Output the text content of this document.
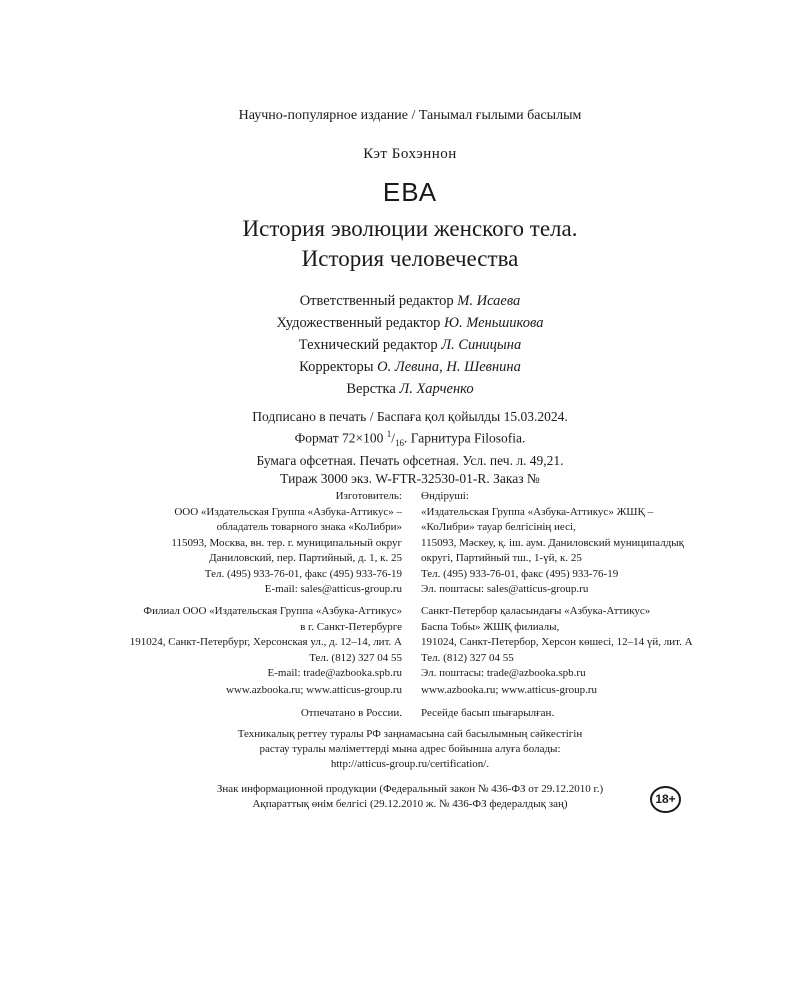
Научно-популярное издание / Танымал ғылыми басылым
Кэт Бохэннон
ЕВА
История эволюции женского тела.
История человечества
Ответственный редактор М. Исаева
Художественный редактор Ю. Меньшикова
Технический редактор Л. Синицына
Корректоры О. Левина, Н. Шевнина
Верстка Л. Харченко
Подписано в печать / Баспаға қол қойылды 15.03.2024.
Формат 72×100 $^1/_{16}$. Гарнитура Filosofia.
Бумага офсетная. Печать офсетная. Усл. печ. л. 49,21.
Тираж 3000 экз. W-FTR-32530-01-R. Заказ №
Изготовитель:
ООО «Издательская Группа «Азбука-Аттикус» –
обладатель товарного знака «КоЛибри»
115093, Москва, вн. тер. г. муниципальный округ
Даниловский, пер. Партийный, д. 1, к. 25
Тел. (495) 933-76-01, факс (495) 933-76-19
E-mail: sales@atticus-group.ru
Өндіруші:
«Издательская Группа «Азбука-Аттикус» ЖШҚ –
«КоЛибри» тауар белгісінің иесі,
115093, Мәскеу, қ. іш. аум. Даниловский муниципалдық
округі, Партийный тш., 1-үй, к. 25
Тел. (495) 933-76-01, факс (495) 933-76-19
Эл. поштасы: sales@atticus-group.ru
Филиал ООО «Издательская Группа «Азбука-Аттикус»
в г. Санкт-Петербурге
191024, Санкт-Петербург, Херсонская ул., д. 12–14, лит. А
Тел. (812) 327 04 55
E-mail: trade@azbooka.spb.ru
Санкт-Петербор қаласындағы «Азбука-Аттикус»
Баспа Тобы» ЖШҚ филиалы,
191024, Санкт-Петербор, Херсон көшесі, 12–14 үй, лит. А
Тел. (812) 327 04 55
Эл. поштасы: trade@azbooka.spb.ru
www.azbooka.ru; www.atticus-group.ru www.azbooka.ru; www.atticus-group.ru
Отпечатано в России. Ресейде басып шығарылған.
Техникалық реттеу туралы РФ заңнамасына сай басылымның сәйкестігін
растау туралы мәліметтерді мына адрес бойынша алуға болады:
http://atticus-group.ru/certification/.
Знак информационной продукции (Федеральный закон № 436-ФЗ от 29.12.2010 г.)
Ақпараттық өнім белгісі (29.12.2010 ж. № 436-ФЗ федералдық заң)	18+
